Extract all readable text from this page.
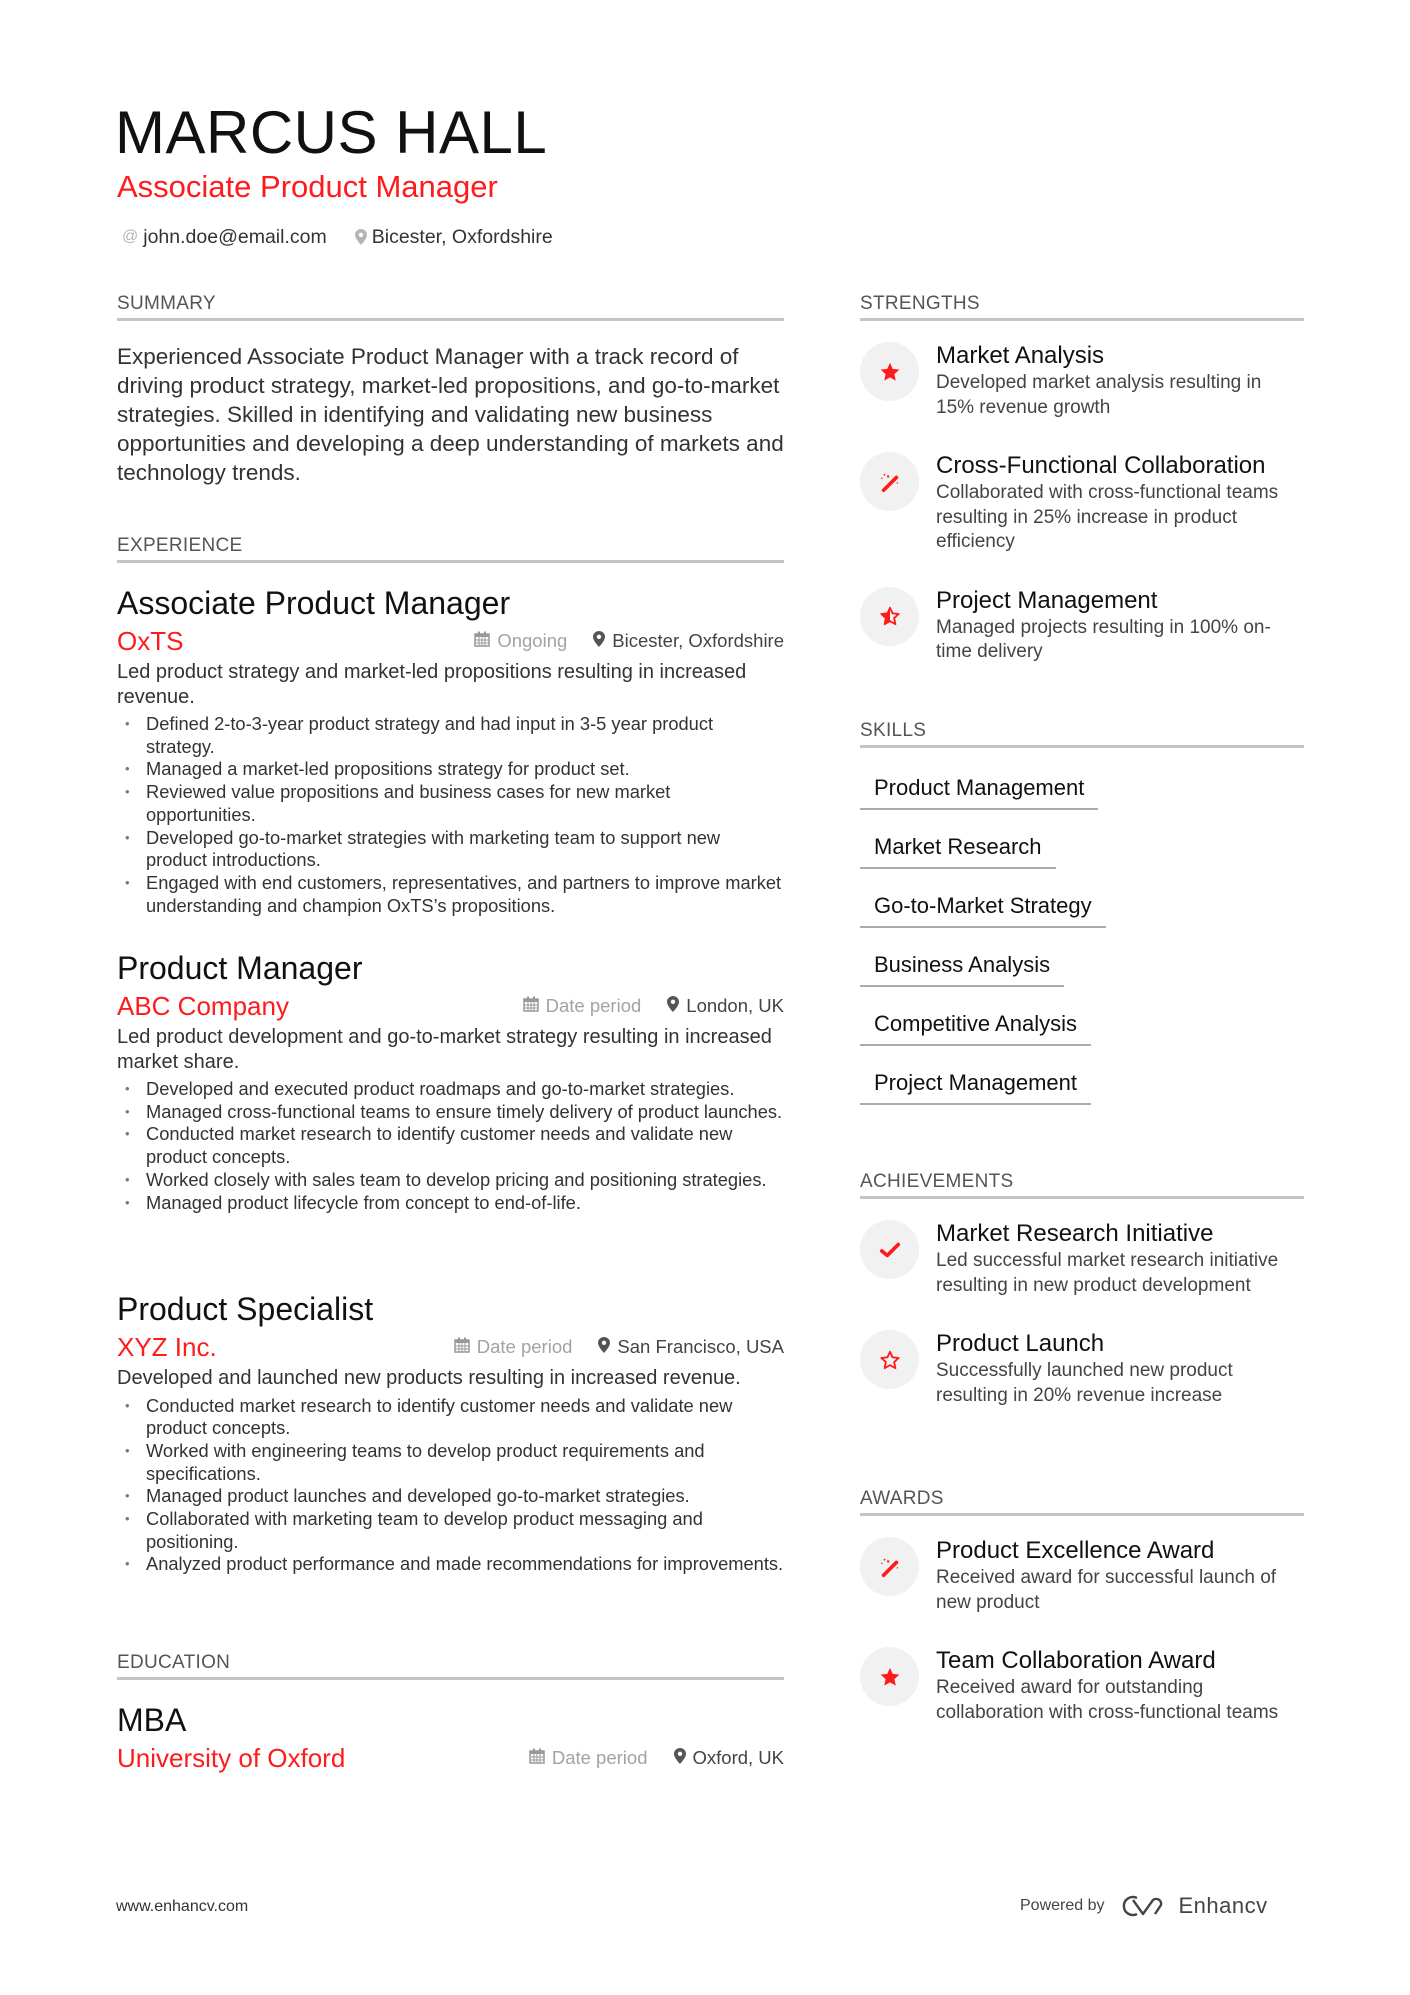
MARCUS HALL
Associate Product Manager
@ john.doe@email.com Bicester, Oxfordshire
SUMMARY
Experienced Associate Product Manager with a track record of driving product strategy, market-led propositions, and go-to-market strategies. Skilled in identifying and validating new business opportunities and developing a deep understanding of markets and technology trends.
EXPERIENCE
Associate Product Manager
OxTS	Ongoing Bicester, Oxfordshire
Led product strategy and market-led propositions resulting in increased revenue.
• Defined 2-to-3-year product strategy and had input in 3-5 year product strategy.
• Managed a market-led propositions strategy for product set.
• Reviewed value propositions and business cases for new market opportunities.
• Developed go-to-market strategies with marketing team to support new product introductions.
• Engaged with end customers, representatives, and partners to improve market understanding and champion OxTS’s propositions.
Product Manager
ABC Company	Date period London, UK
Led product development and go-to-market strategy resulting in increased market share.
• Developed and executed product roadmaps and go-to-market strategies.
• Managed cross-functional teams to ensure timely delivery of product launches.
• Conducted market research to identify customer needs and validate new product concepts.
• Worked closely with sales team to develop pricing and positioning strategies.
• Managed product lifecycle from concept to end-of-life.
Product Specialist
XYZ Inc.	Date period San Francisco, USA
Developed and launched new products resulting in increased revenue.
• Conducted market research to identify customer needs and validate new product concepts.
• Worked with engineering teams to develop product requirements and specifications.
• Managed product launches and developed go-to-market strategies.
• Collaborated with marketing team to develop product messaging and positioning.
• Analyzed product performance and made recommendations for improvements.
EDUCATION
MBA
University of Oxford	Date period Oxford, UK
STRENGTHS
Market Analysis
Developed market analysis resulting in 15% revenue growth
Cross-Functional Collaboration
Collaborated with cross-functional teams resulting in 25% increase in product efficiency
Project Management
Managed projects resulting in 100% on-time delivery
SKILLS
Product Management
Market Research
Go-to-Market Strategy
Business Analysis
Competitive Analysis
Project Management
ACHIEVEMENTS
Market Research Initiative
Led successful market research initiative resulting in new product development
Product Launch
Successfully launched new product resulting in 20% revenue increase
AWARDS
Product Excellence Award
Received award for successful launch of new product
Team Collaboration Award
Received award for outstanding collaboration with cross-functional teams
www.enhancv.com	Powered by	Enhancv
